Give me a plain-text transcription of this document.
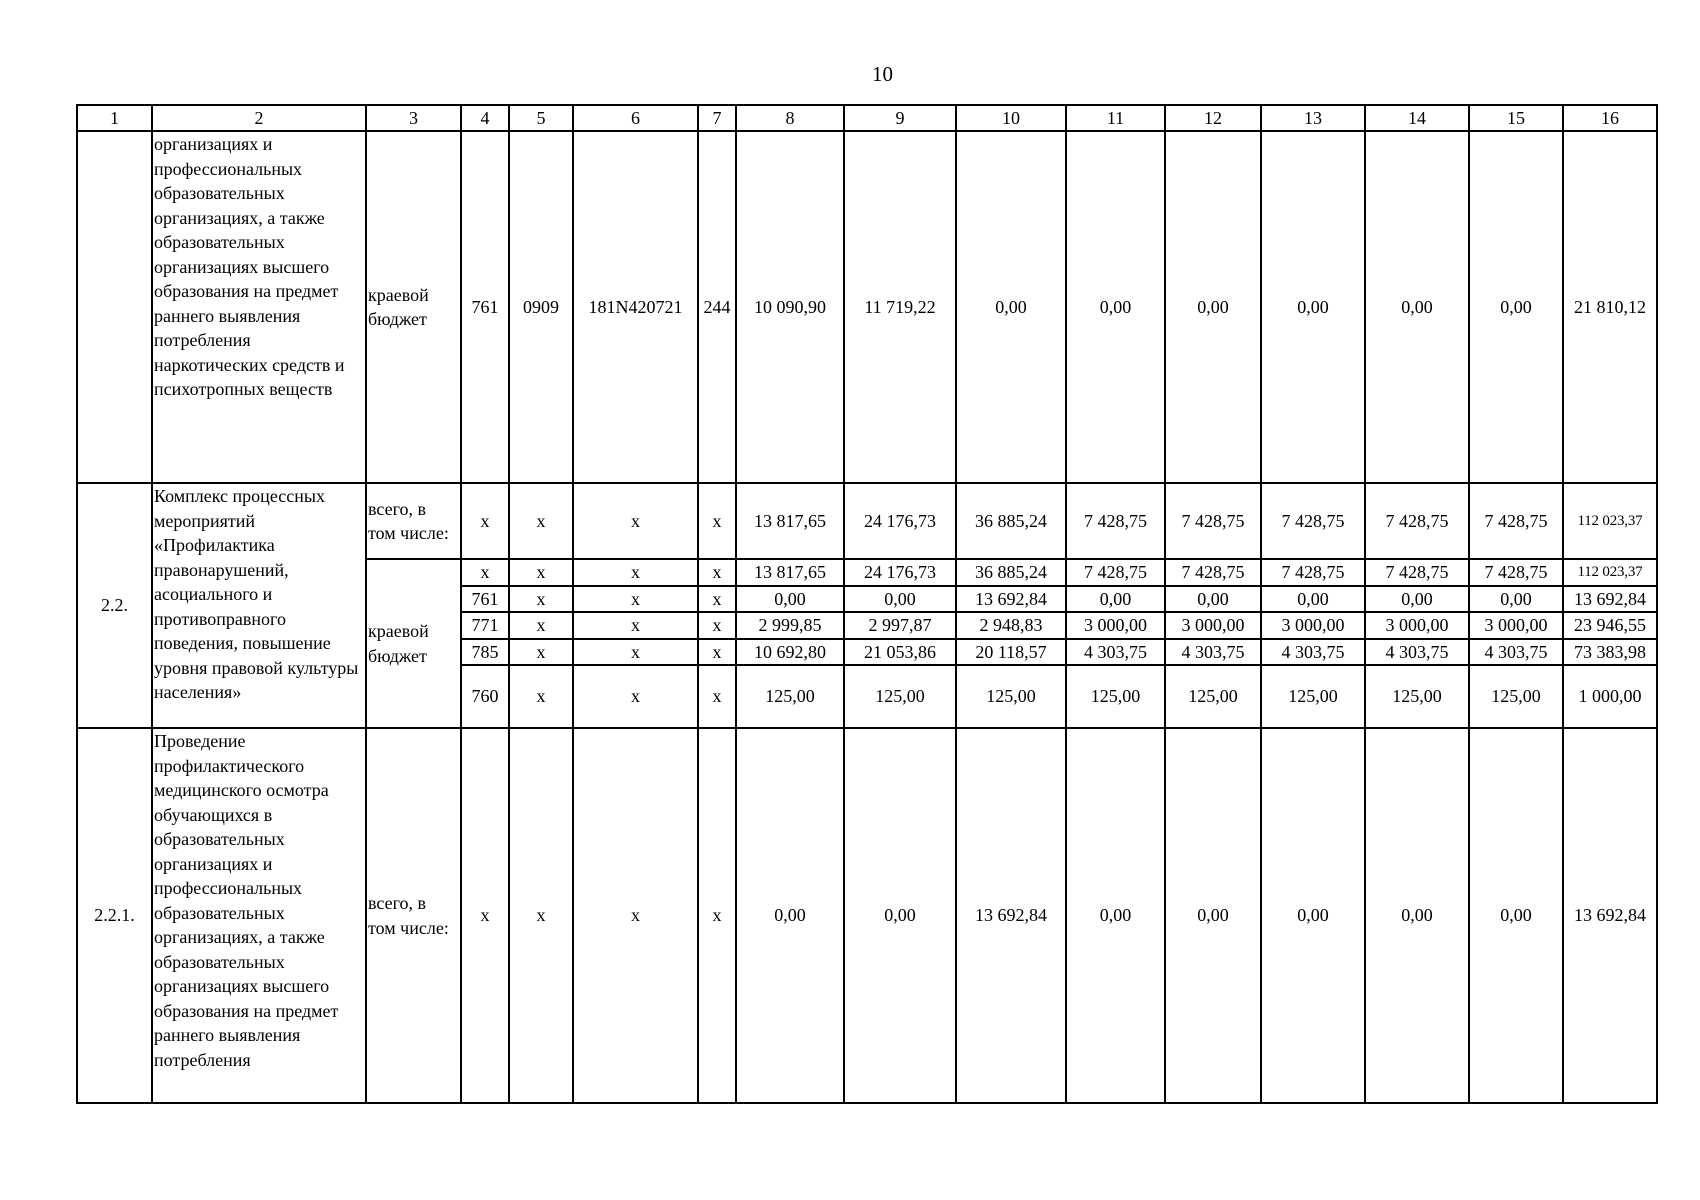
10
1	2	3	4	5	6	7	8	9	10	11	12	13	14	15	16
	организациях и профессиональных образовательных организациях, а также образовательных организациях высшего образования на предмет раннего выявления потребления наркотических средств и психотропных веществ	краевой бюджет	761	0909	181N420721	244	10 090,90	11 719,22	0,00	0,00	0,00	0,00	0,00	0,00	21 810,12
2.2.	Комплекс процессных мероприятий «Профилактика правонарушений, асоциального и противоправного поведения, повышение уровня правовой культуры населения»	всего, в том числе:	x	x	x	x	13 817,65	24 176,73	36 885,24	7 428,75	7 428,75	7 428,75	7 428,75	7 428,75	112 023,37
		краевой бюджет	x	x	x	x	13 817,65	24 176,73	36 885,24	7 428,75	7 428,75	7 428,75	7 428,75	7 428,75	112 023,37
			761	x	x	x	0,00	0,00	13 692,84	0,00	0,00	0,00	0,00	0,00	13 692,84
			771	x	x	x	2 999,85	2 997,87	2 948,83	3 000,00	3 000,00	3 000,00	3 000,00	3 000,00	23 946,55
			785	x	x	x	10 692,80	21 053,86	20 118,57	4 303,75	4 303,75	4 303,75	4 303,75	4 303,75	73 383,98
			760	x	x	x	125,00	125,00	125,00	125,00	125,00	125,00	125,00	125,00	1 000,00
2.2.1.	Проведение профилактического медицинского осмотра обучающихся в образовательных организациях и профессиональных образовательных организациях, а также образовательных организациях высшего образования на предмет раннего выявления потребления	всего, в том числе:	x	x	x	x	0,00	0,00	13 692,84	0,00	0,00	0,00	0,00	0,00	13 692,84
